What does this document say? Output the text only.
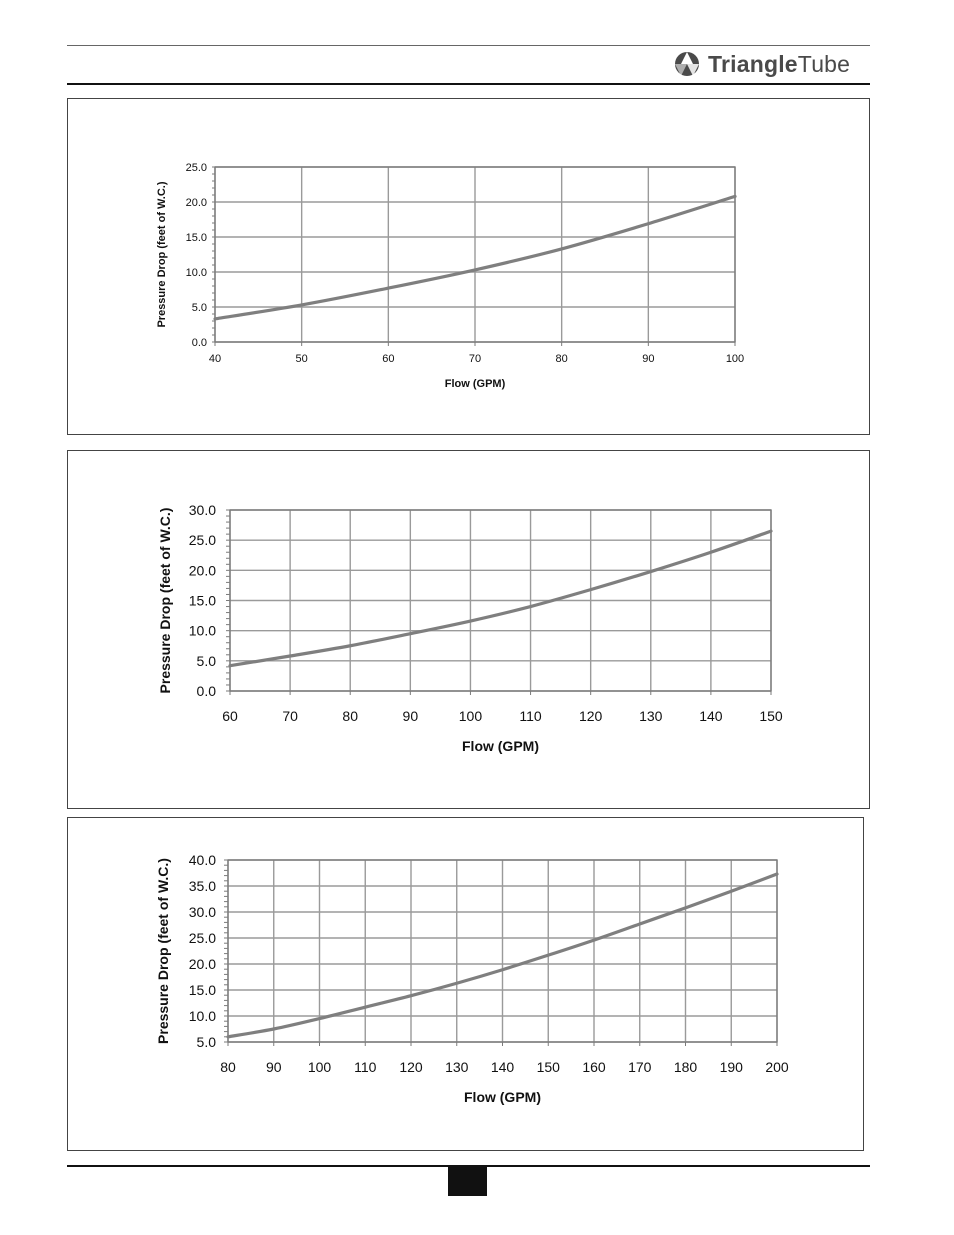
TriangleTube
0.0
5.0
10.0
15.0
20.0
25.0
40	50	60	70	80	90	100
Flow (GPM)
Pressure Drop (feet of W.C.)
0.0
5.0
10.0
15.0
20.0
25.0
30.0
60	70	80	90	100	110	120	130	140	150
Flow (GPM)
Pressure Drop (feet of W.C.)
5.0
10.0
15.0
20.0
25.0
30.0
35.0
40.0
80 90 100 110 120 130 140 150 160 170 180 190 200
Flow (GPM)
Pressure Drop (feet of W.C.)
